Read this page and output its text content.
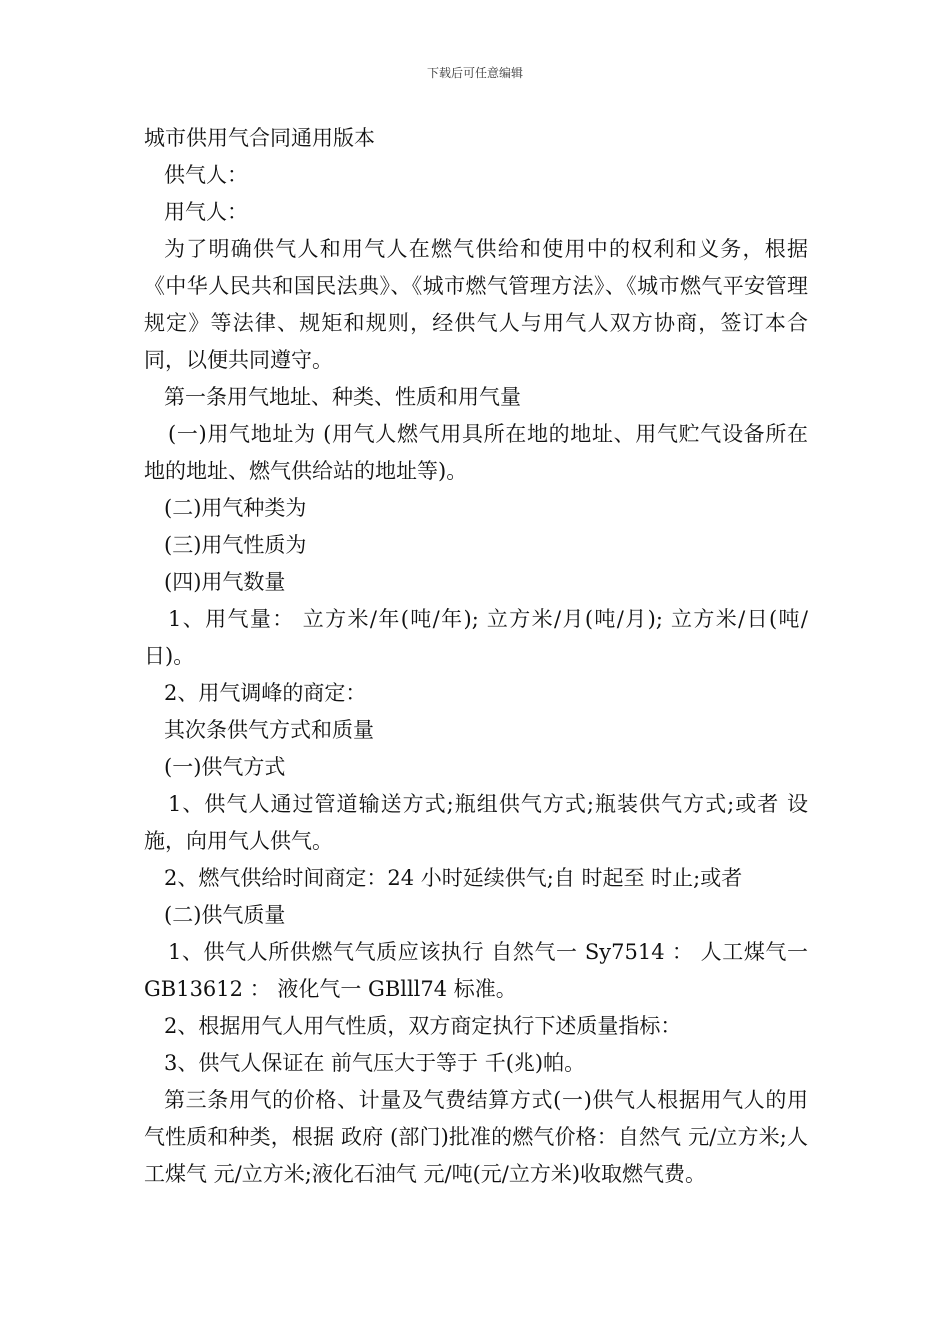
下载后可任意编辑

城市供用气合同通用版本

供气人：

用气人：

为了明确供气人和用气人在燃气供给和使用中的权利和义务，根据《中华人民共和国民法典》、《城市燃气管理方法》、《城市燃气平安管理规定》等法律、规矩和规则，经供气人与用气人双方协商，签订本合同，以便共同遵守。

第一条用气地址、种类、性质和用气量

(一)用气地址为 (用气人燃气用具所在地的地址、用气贮气设备所在地的地址、燃气供给站的地址等)。

(二)用气种类为

(三)用气性质为

(四)用气数量

1、用气量： 立方米/年(吨/年); 立方米/月(吨/月); 立方米/日(吨/日)。

2、用气调峰的商定：

其次条供气方式和质量

(一)供气方式

1、供气人通过管道输送方式;瓶组供气方式;瓶装供气方式;或者 设施，向用气人供气。

2、燃气供给时间商定：24 小时延续供气;自 时起至 时止;或者

(二)供气质量

1、供气人所供燃气气质应该执行 自然气一 Sy7514 ： 人工煤气一 GB13612 ： 液化气一 GBlll74 标准。

2、根据用气人用气性质，双方商定执行下述质量指标：

3、供气人保证在 前气压大于等于 千(兆)帕。

第三条用气的价格、计量及气费结算方式(一)供气人根据用气人的用气性质和种类，根据 政府 (部门)批准的燃气价格：自然气 元/立方米;人工煤气 元/立方米;液化石油气 元/吨(元/立方米)收取燃气费。
